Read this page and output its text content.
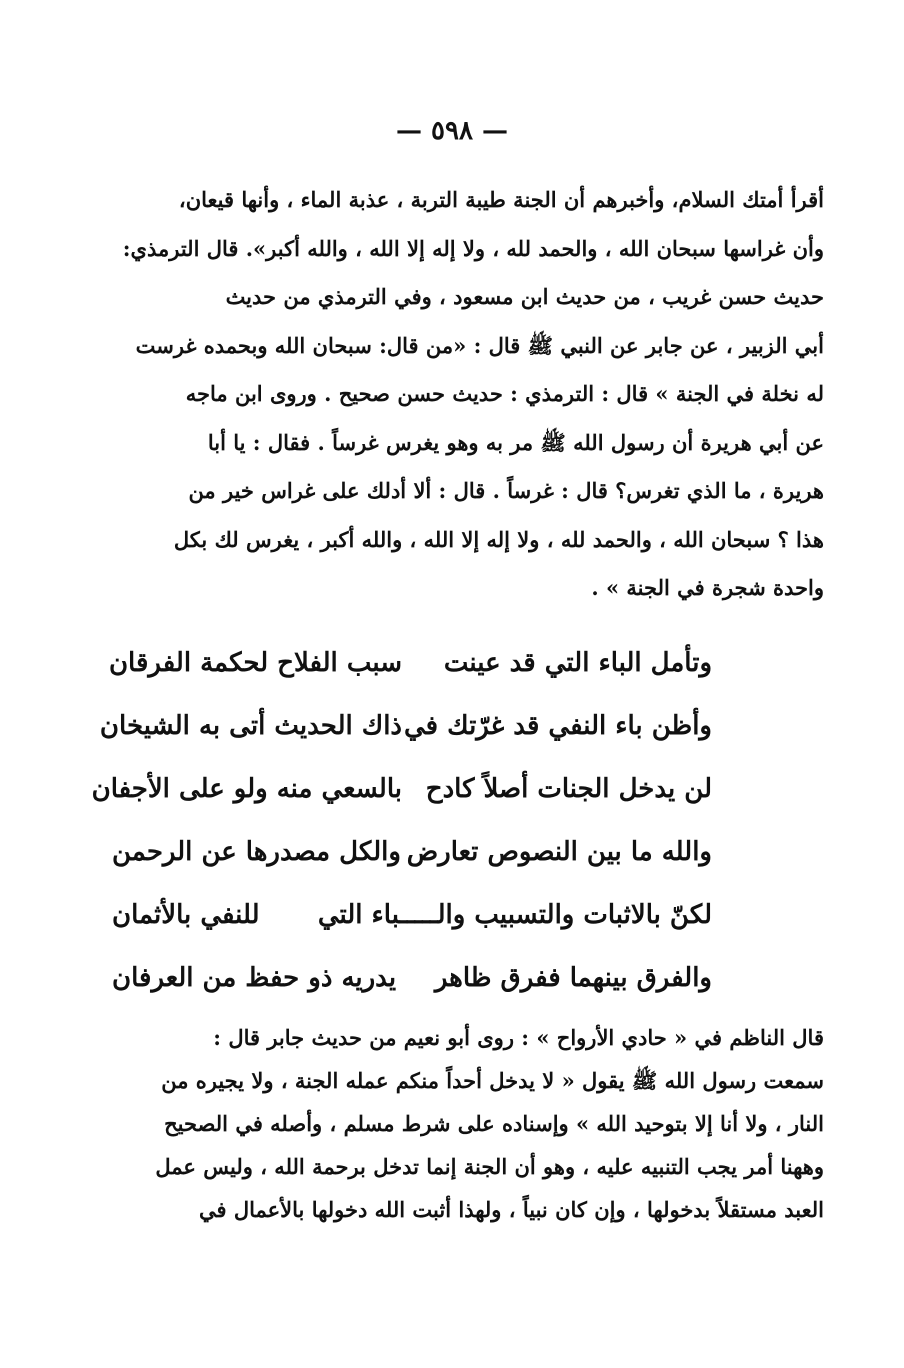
— ٥٩٨ —
أقرأ أمتك السلام، وأخبرهم أن الجنة طيبة التربة ، عذبة الماء ، وأنها قيعان،
وأن غراسها سبحان الله ، والحمد لله ، ولا إله إلا الله ، والله أكبر». قال الترمذي:
حديث حسن غريب ، من حديث ابن مسعود ، وفي الترمذي من حديث
أبي الزبير ، عن جابر عن النبي ﷺ قال : «من قال: سبحان الله وبحمده غرست
له نخلة في الجنة » قال : الترمذي : حديث حسن صحيح . وروى ابن ماجه
عن أبي هريرة أن رسول الله ﷺ مر به وهو يغرس غرساً . فقال : يا أبا
هريرة ، ما الذي تغرس؟ قال : غرساً . قال : ألا أدلك على غراس خير من
هذا ؟ سبحان الله ، والحمد لله ، ولا إله إلا الله ، والله أكبر ، يغرس لك بكل
واحدة شجرة في الجنة » .
وتأمل الباء التي قد عينت
سبب الفلاح لحكمة الفرقان
وأظن باء النفي قد غرّتك في
ذاك الحديث أتى به الشيخان
لن يدخل الجنات أصلاً كادح
بالسعي منه ولو على الأجفان
والله ما بين النصوص تعارض
والكل مصدرها عن الرحمن
لكنّ بالاثبات والتسبيب والـــــباء التي
للنفي بالأثمان
والفرق بينهما ففرق ظاهر
يدريه ذو حفظ من العرفان
قال الناظم في « حادي الأرواح » : روى أبو نعيم من حديث جابر قال :
سمعت رسول الله ﷺ يقول « لا يدخل أحداً منكم عمله الجنة ، ولا يجيره من
النار ، ولا أنا إلا بتوحيد الله » وإسناده على شرط مسلم ، وأصله في الصحيح
وههنا أمر يجب التنبيه عليه ، وهو أن الجنة إنما تدخل برحمة الله ، وليس عمل
العبد مستقلاً بدخولها ، وإن كان نبياً ، ولهذا أثبت الله دخولها بالأعمال في
